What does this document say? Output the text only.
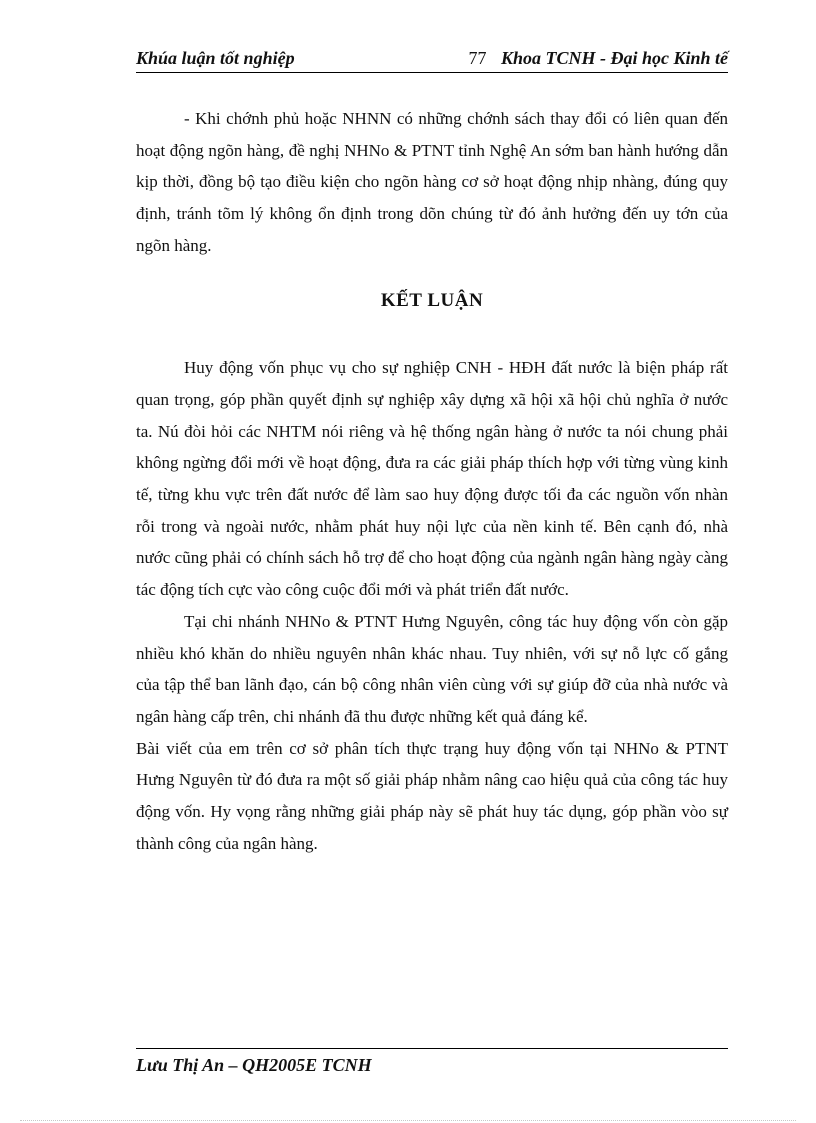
Khúa luận tốt nghiệp	77 Khoa TCNH - Đại học Kinh tế

- Khi chớnh phủ hoặc NHNN có những chớnh sách thay đổi có liên quan đến hoạt động ngõn hàng, đề nghị NHNo & PTNT tỉnh Nghệ An sớm ban hành hướng dẫn kịp thời, đồng bộ tạo điều kiện cho ngõn hàng cơ sở hoạt động nhịp nhàng, đúng quy định, tránh tõm lý không ổn định trong dõn chúng từ đó ảnh hưởng đến uy tớn của ngõn hàng.

KẾT LUẬN

Huy động vốn phục vụ cho sự nghiệp CNH - HĐH đất nước là biện pháp rất quan trọng, góp phần quyết định sự nghiệp xây dựng xã hội xã hội chủ nghĩa ở nước ta. Nú đòi hỏi các NHTM nói riêng và hệ thống ngân hàng ở nước ta nói chung phải không ngừng đổi mới về hoạt động, đưa ra các giải pháp thích hợp với từng vùng kinh tế, từng khu vực trên đất nước để làm sao huy động được tối đa các nguồn vốn nhàn rỗi trong và ngoài nước, nhằm phát huy nội lực của nền kinh tế. Bên cạnh đó, nhà nước cũng phải có chính sách hỗ trợ để cho hoạt động của ngành ngân hàng ngày càng tác động tích cực vào công cuộc đổi mới và phát triển đất nước.

Tại chi nhánh NHNo & PTNT Hưng Nguyên, công tác huy động vốn còn gặp nhiều khó khăn do nhiều nguyên nhân khác nhau. Tuy nhiên, với sự nỗ lực cố gắng của tập thể ban lãnh đạo, cán bộ công nhân viên cùng với sự giúp đỡ của nhà nước và ngân hàng cấp trên, chi nhánh đã thu được những kết quả đáng kể.

Bài viết của em trên cơ sở phân tích thực trạng huy động vốn tại NHNo & PTNT Hưng Nguyên từ đó đưa ra một số giải pháp nhằm nâng cao hiệu quả của công tác huy động vốn. Hy vọng rằng những giải pháp này sẽ phát huy tác dụng, góp phần vòo sự thành công của ngân hàng.

Lưu Thị An – QH2005E TCNH
